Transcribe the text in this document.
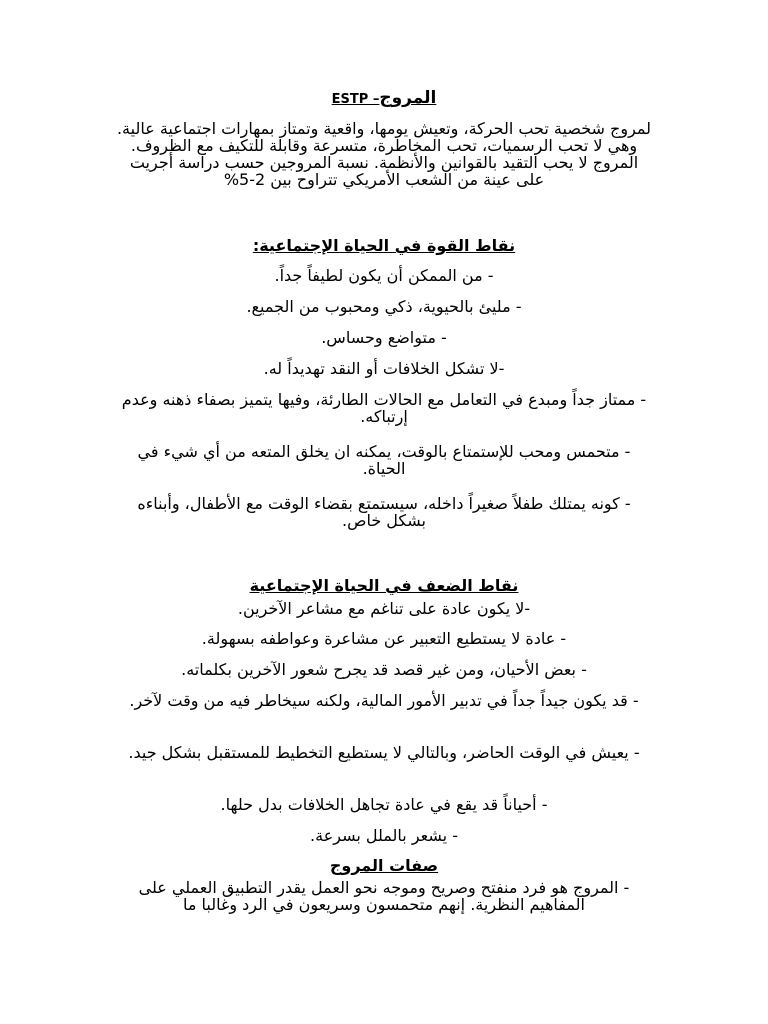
ESTP –المروج
لمروج شخصية تحب الحركة، وتعيش يومها، واقعية وتمتاز بمهارات اجتماعية عالية. وهي لا تحب الرسميات، تحب المخاطرة، متسرعة وقابلة للتكيف مع الظروف. المروج لا يحب التقيد بالقوانين والأنظمة. نسبة المروجين حسب دراسة أجريت على عينة من الشعب الأمريكي تتراوح بين 2-5%
نقاط القوة في الحياة الإجتماعية:
- من الممكن أن يكون لطيفاً جداً.
- مليئ بالحيوية، ذكي ومحبوب من الجميع.
- متواضع وحساس.
-لا تشكل الخلافات أو النقد تهديداً له.
- ممتاز جداً ومبدع في التعامل مع الحالات الطارئة، وفيها يتميز بصفاء ذهنه وعدم إرتباكه.
- متحمس ومحب للإستمتاع بالوقت، يمكنه ان يخلق المتعه من أي شيء في الحياة.
- كونه يمتلك طفلاً صغيراً داخله، سيستمتع بقضاء الوقت مع الأطفال، وأبناءه بشكل خاص.
نقاط الضعف في الحياة الإجتماعية
-لا يكون عادة على تناغم مع مشاعر الآخرين.
- عادة لا يستطيع التعبير عن مشاعرة وعواطفه بسهولة.
- بعض الأحيان، ومن غير قصد قد يجرح شعور الآخرين بكلماته.
- قد يكون جيداً جداً في تدبير الأمور المالية، ولكنه سيخاطر فيه من وقت لآخر.
- يعيش في الوقت الحاضر، وبالتالي لا يستطيع التخطيط للمستقبل بشكل جيد.
- أحياناً قد يقع في عادة تجاهل الخلافات بدل حلها.
- يشعر بالملل بسرعة.
صفات المروج
- المروج هو فرد منفتح وصريح وموجه نحو العمل يقدر التطبيق العملي على المفاهيم النظرية. إنهم متحمسون وسريعون في الرد وغالبا ما
